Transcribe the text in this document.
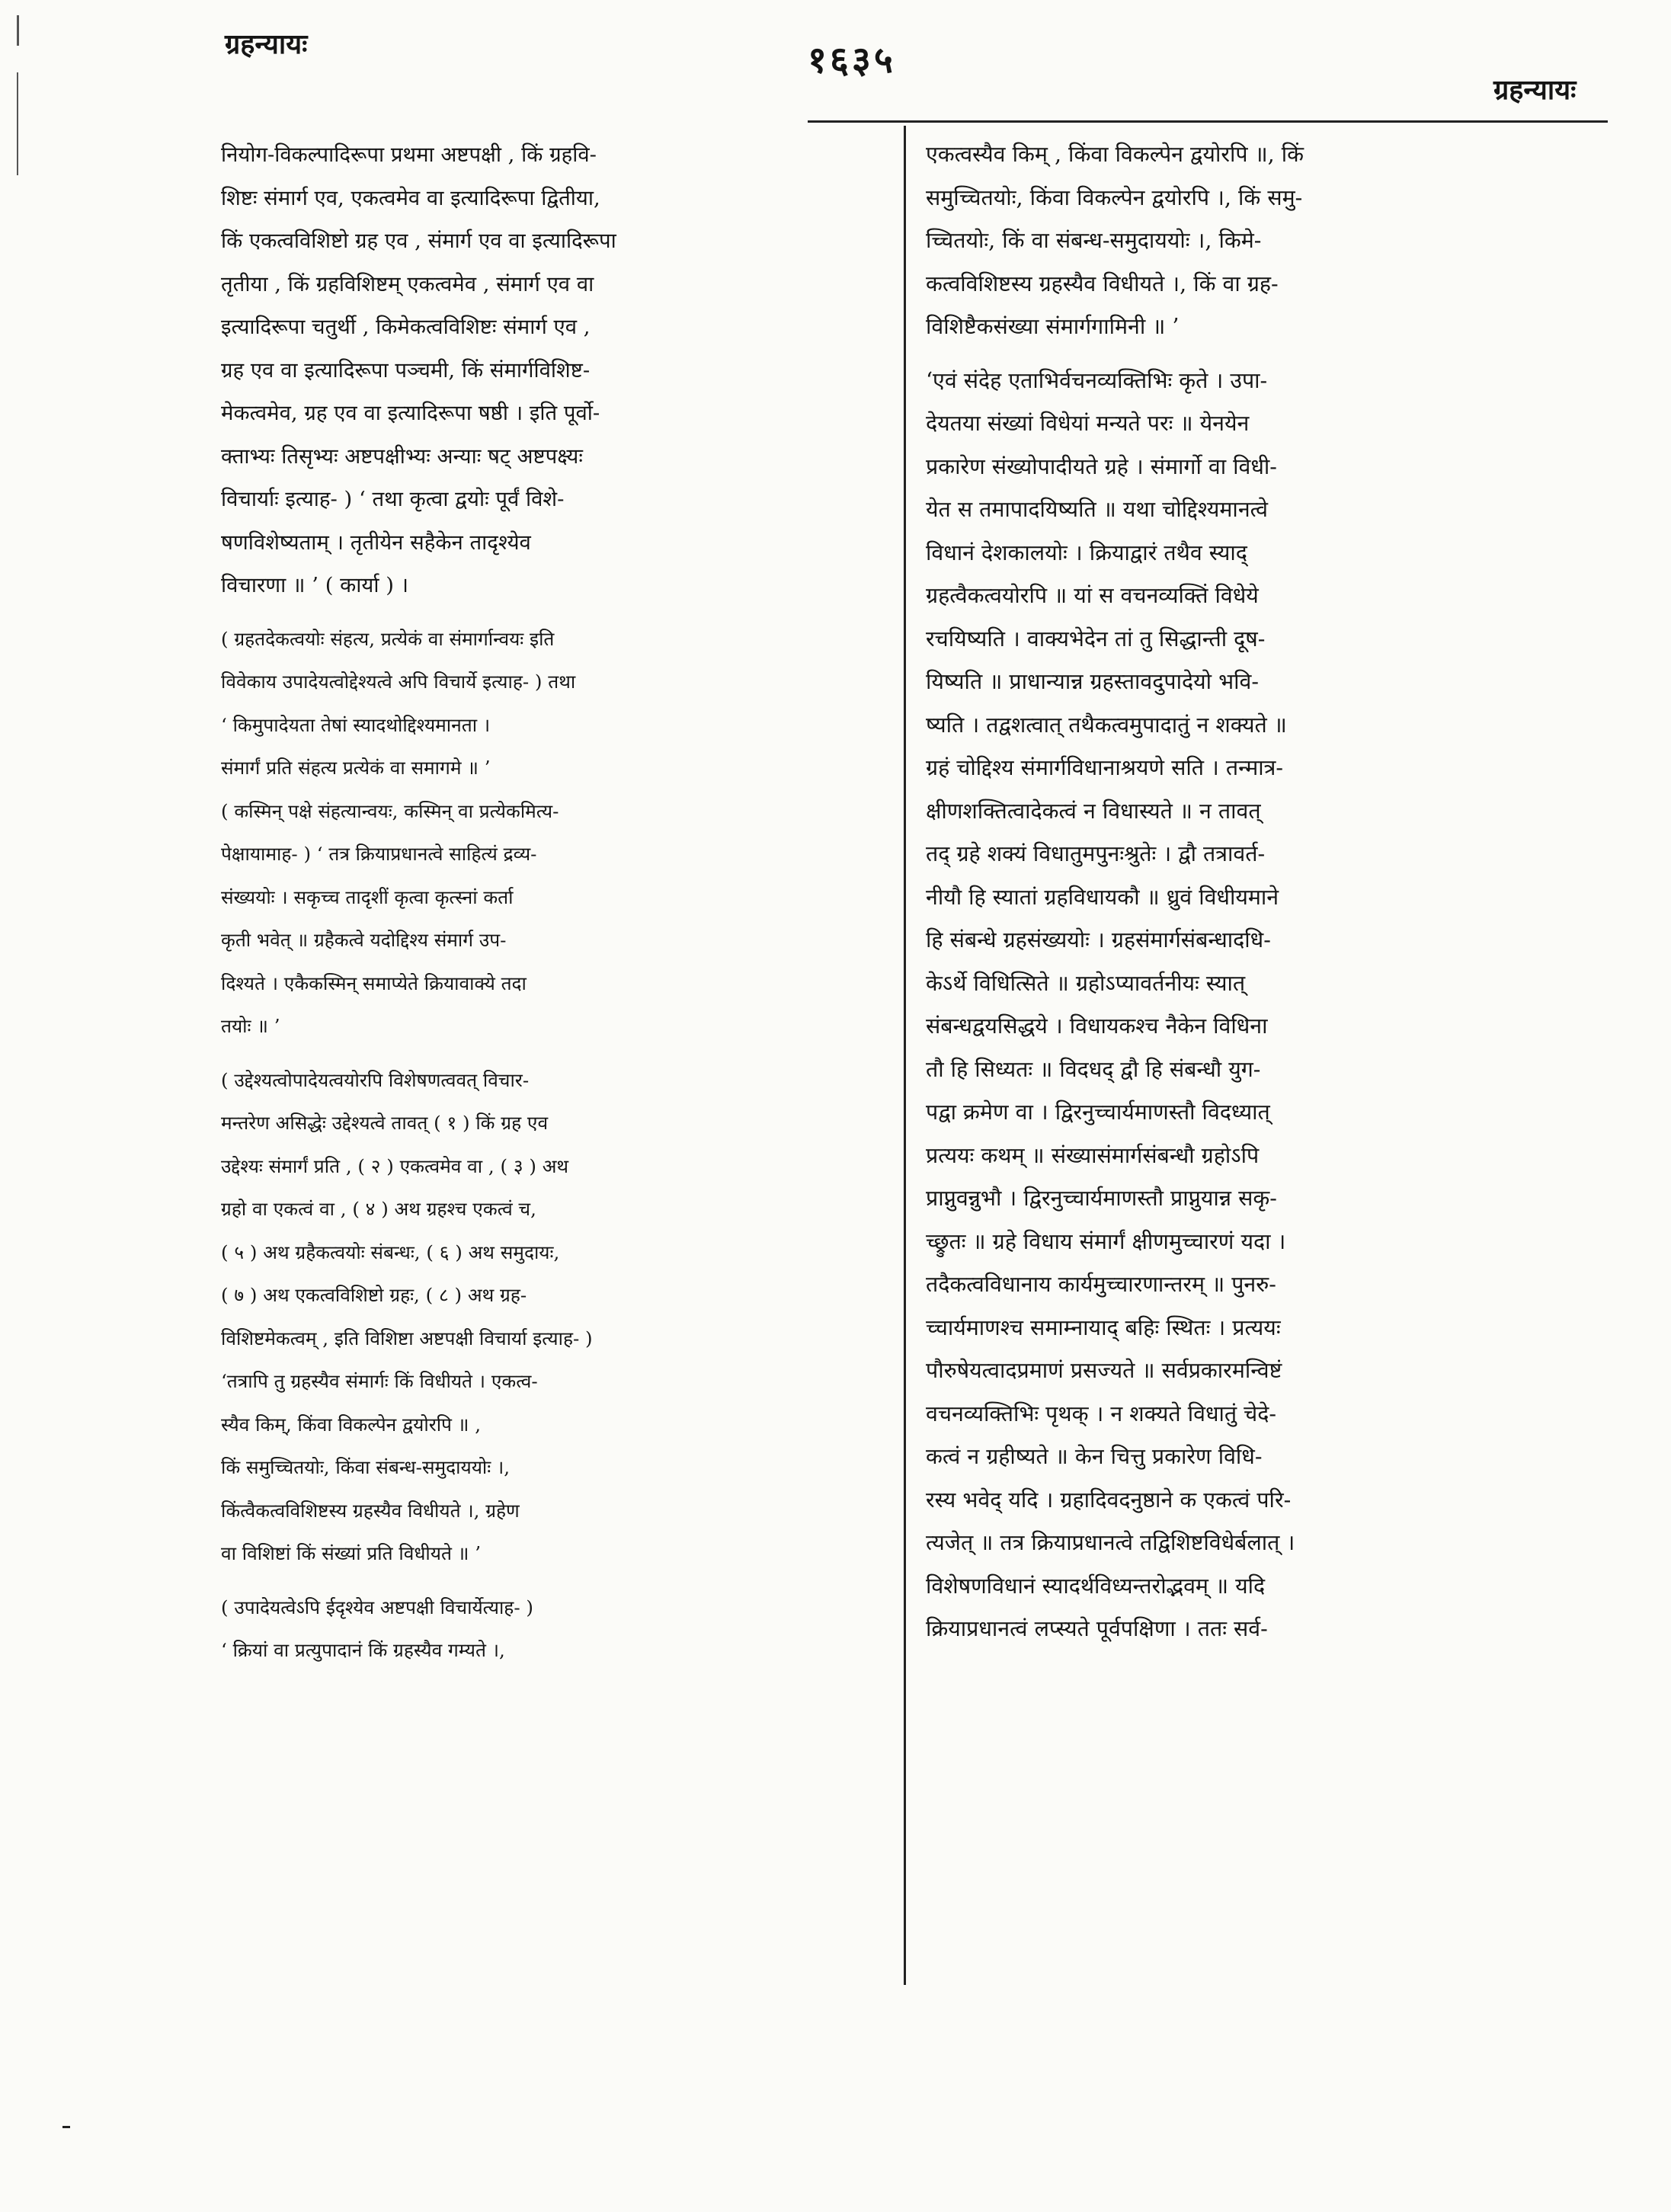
ग्रहन्यायः	१६३५
ग्रहन्यायः

नियोग-विकल्पादिरूपा प्रथमा अष्टपक्षी , किं ग्रहवि-
शिष्टः संमार्ग एव, एकत्वमेव वा इत्यादिरूपा द्वितीया,
किं एकत्वविशिष्टो ग्रह एव , संमार्ग एव वा इत्यादिरूपा
तृतीया , किं ग्रहविशिष्टम् एकत्वमेव , संमार्ग एव वा
इत्यादिरूपा चतुर्थी , किमेकत्वविशिष्टः संमार्ग एव ,
ग्रह एव वा इत्यादिरूपा पञ्चमी, किं संमार्गविशिष्ट-
मेकत्वमेव, ग्रह एव वा इत्यादिरूपा षष्ठी । इति पूर्वो-
क्ताभ्यः तिसृभ्यः अष्टपक्षीभ्यः अन्याः षट् अष्टपक्ष्यः
विचार्याः इत्याह- ) ‘ तथा कृत्वा द्वयोः पूर्वं विशे-
षणविशेष्यताम् । तृतीयेन सहैकेन तादृश्येव
विचारणा ॥ ’ ( कार्या ) ।

( ग्रहतदेकत्वयोः संहत्य, प्रत्येकं वा संमार्गान्वयः इति
विवेकाय उपादेयत्वोद्देश्यत्वे अपि विचार्ये इत्याह- ) तथा
‘ किमुपादेयता तेषां स्यादथोद्दिश्यमानता ।
संमार्गं प्रति संहत्य प्रत्येकं वा समागमे ॥ ’
( कस्मिन् पक्षे संहत्यान्वयः, कस्मिन् वा प्रत्येकमित्य-
पेक्षायामाह- ) ‘ तत्र क्रियाप्रधानत्वे साहित्यं द्रव्य-
संख्ययोः । सकृच्च तादृशीं कृत्वा कृत्स्नां कर्ता
कृती भवेत् ॥ ग्रहैकत्वे यदोद्दिश्य संमार्ग उप-
दिश्यते । एकैकस्मिन् समाप्येते क्रियावाक्ये तदा
तयोः ॥ ’

( उद्देश्यत्वोपादेयत्वयोरपि विशेषणत्ववत् विचार-
मन्तरेण असिद्धेः उद्देश्यत्वे तावत् ( १ ) किं ग्रह एव
उद्देश्यः संमार्गं प्रति , ( २ ) एकत्वमेव वा , ( ३ ) अथ
ग्रहो वा एकत्वं वा , ( ४ ) अथ ग्रहश्च एकत्वं च,
( ५ ) अथ ग्रहैकत्वयोः संबन्धः, ( ६ ) अथ समुदायः,
( ७ ) अथ एकत्वविशिष्टो ग्रहः, ( ८ ) अथ ग्रह-
विशिष्टमेकत्वम् , इति विशिष्टा अष्टपक्षी विचार्या इत्याह- )
‘तत्रापि तु ग्रहस्यैव संमार्गः किं विधीयते । एकत्व-
स्यैव किम्, किंवा विकल्पेन द्वयोरपि ॥ ,
किं समुच्चितयोः, किंवा संबन्ध-समुदाययोः ।,
किंत्वैकत्वविशिष्टस्य ग्रहस्यैव विधीयते ।, ग्रहेण
वा विशिष्टां किं संख्यां प्रति विधीयते ॥ ’

( उपादेयत्वेऽपि ईदृश्येव अष्टपक्षी विचार्येत्याह- )
‘ क्रियां वा प्रत्युपादानं किं ग्रहस्यैव गम्यते ।,

एकत्वस्यैव किम् , किंवा विकल्पेन द्वयोरपि ॥, किं
समुच्चितयोः, किंवा विकल्पेन द्वयोरपि ।, किं समु-
च्चितयोः, किं वा संबन्ध-समुदाययोः ।, किमे-
कत्वविशिष्टस्य ग्रहस्यैव विधीयते ।, किं वा ग्रह-
विशिष्टैकसंख्या संमार्गगामिनी ॥ ’

‘एवं संदेह एताभिर्वचनव्यक्तिभिः कृते । उपा-
देयतया संख्यां विधेयां मन्यते परः ॥ येनयेन
प्रकारेण संख्योपादीयते ग्रहे । संमार्गो वा विधी-
येत स तमापादयिष्यति ॥ यथा चोद्दिश्यमानत्वे
विधानं देशकालयोः । क्रियाद्वारं तथैव स्याद्
ग्रहत्वैकत्वयोरपि ॥ यां स वचनव्यक्तिं विधेये
रचयिष्यति । वाक्यभेदेन तां तु सिद्धान्ती दूष-
यिष्यति ॥ प्राधान्यान्न ग्रहस्तावदुपादेयो भवि-
ष्यति । तद्वशत्वात् तथैकत्वमुपादातुं न शक्यते ॥
ग्रहं चोद्दिश्य संमार्गविधानाश्रयणे सति । तन्मात्र-
क्षीणशक्तित्वादेकत्वं न विधास्यते ॥ न तावत्
तद् ग्रहे शक्यं विधातुमपुनःश्रुतेः । द्वौ तत्रावर्त-
नीयौ हि स्यातां ग्रहविधायकौ ॥ ध्रुवं विधीयमाने
हि संबन्धे ग्रहसंख्ययोः । ग्रहसंमार्गसंबन्धादधि-
केऽर्थे विधित्सिते ॥ ग्रहोऽप्यावर्तनीयः स्यात्
संबन्धद्वयसिद्धये । विधायकश्च नैकेन विधिना
तौ हि सिध्यतः ॥ विदधद् द्वौ हि संबन्धौ युग-
पद्वा क्रमेण वा । द्विरनुच्चार्यमाणस्तौ विदध्यात्
प्रत्ययः कथम् ॥ संख्यासंमार्गसंबन्धौ ग्रहोऽपि
प्राप्नुवन्नुभौ । द्विरनुच्चार्यमाणस्तौ प्राप्नुयान्न सकृ-
च्छ्रुतः ॥ ग्रहे विधाय संमार्गं क्षीणमुच्चारणं यदा ।
तदैकत्वविधानाय कार्यमुच्चारणान्तरम् ॥ पुनरु-
च्चार्यमाणश्च समाम्नायाद् बहिः स्थितः । प्रत्ययः
पौरुषेयत्वादप्रमाणं प्रसज्यते ॥ सर्वप्रकारमन्विष्टं
वचनव्यक्तिभिः पृथक् । न शक्यते विधातुं चेदे-
कत्वं न ग्रहीष्यते ॥ केन चित्तु प्रकारेण विधि-
रस्य भवेद् यदि । ग्रहादिवदनुष्ठाने क एकत्वं परि-
त्यजेत् ॥ तत्र क्रियाप्रधानत्वे तद्विशिष्टविधेर्बलात् ।
विशेषणविधानं स्यादर्थविध्यन्तरोद्भवम् ॥ यदि
क्रियाप्रधानत्वं लप्स्यते पूर्वपक्षिणा । ततः सर्व-
